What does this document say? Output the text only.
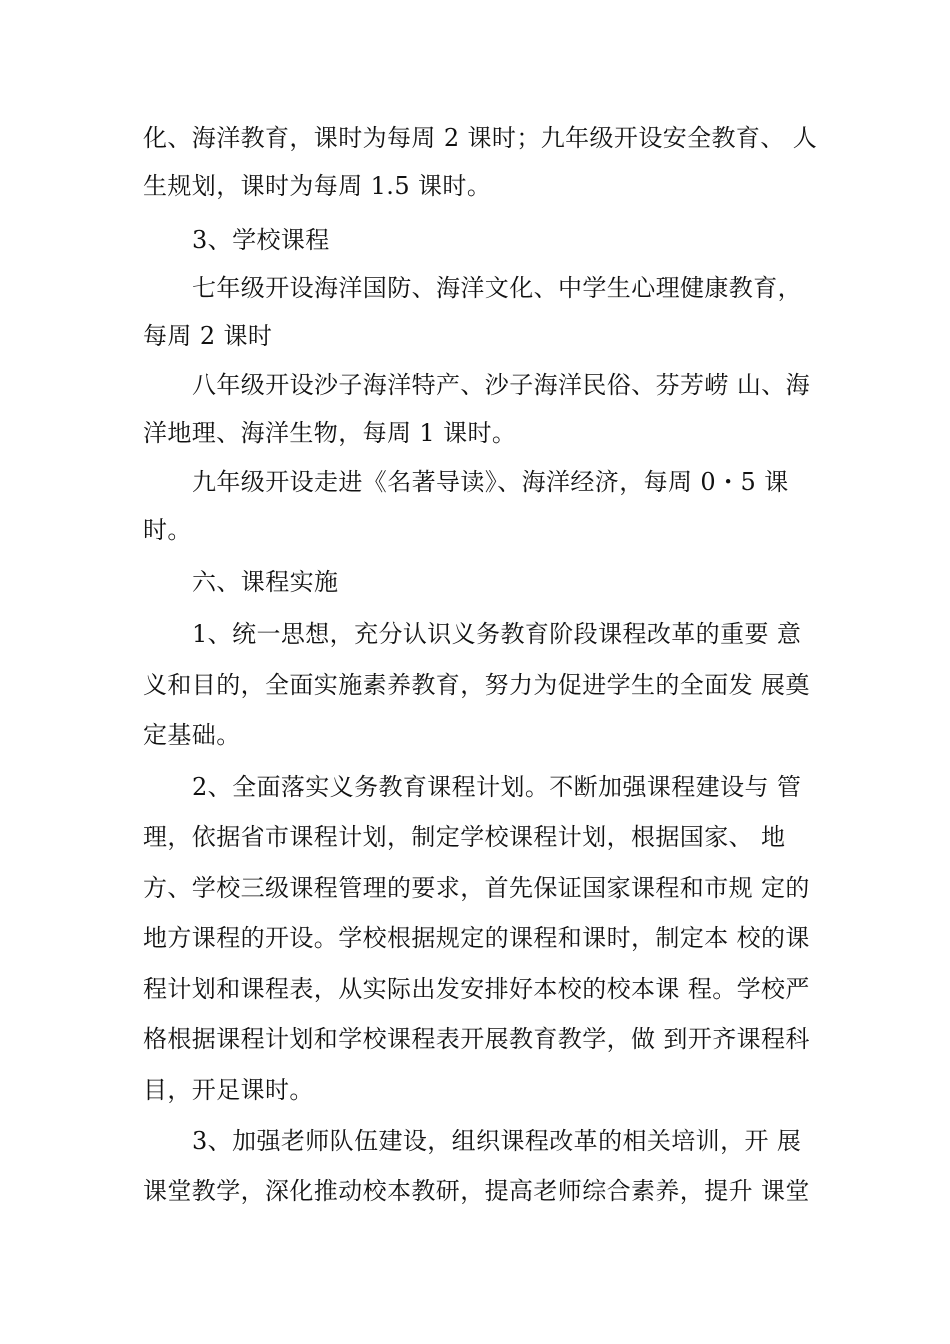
化、海洋教育，课时为每周 2 课时；九年级开设安全教育、 人
生规划，课时为每周 1.5 课时。
3、学校课程
七年级开设海洋国防、海洋文化、中学生心理健康教育，
每周 2 课时
八年级开设沙子海洋特产、沙子海洋民俗、芬芳崂 山、海
洋地理、海洋生物，每周 1 课时。
九年级开设走进《名著导读》、海洋经济，每周 0・5 课
时。
六、课程实施
1、统一思想，充分认识义务教育阶段课程改革的重要 意
义和目的，全面实施素养教育，努力为促进学生的全面发 展奠
定基础。
2、全面落实义务教育课程计划。不断加强课程建设与 管
理，依据省市课程计划，制定学校课程计划，根据国家、 地
方、学校三级课程管理的要求，首先保证国家课程和市规 定的
地方课程的开设。学校根据规定的课程和课时，制定本 校的课
程计划和课程表，从实际出发安排好本校的校本课 程。学校严
格根据课程计划和学校课程表开展教育教学，做 到开齐课程科
目，开足课时。
3、加强老师队伍建设，组织课程改革的相关培训，开 展
课堂教学，深化推动校本教研，提高老师综合素养，提升 课堂
